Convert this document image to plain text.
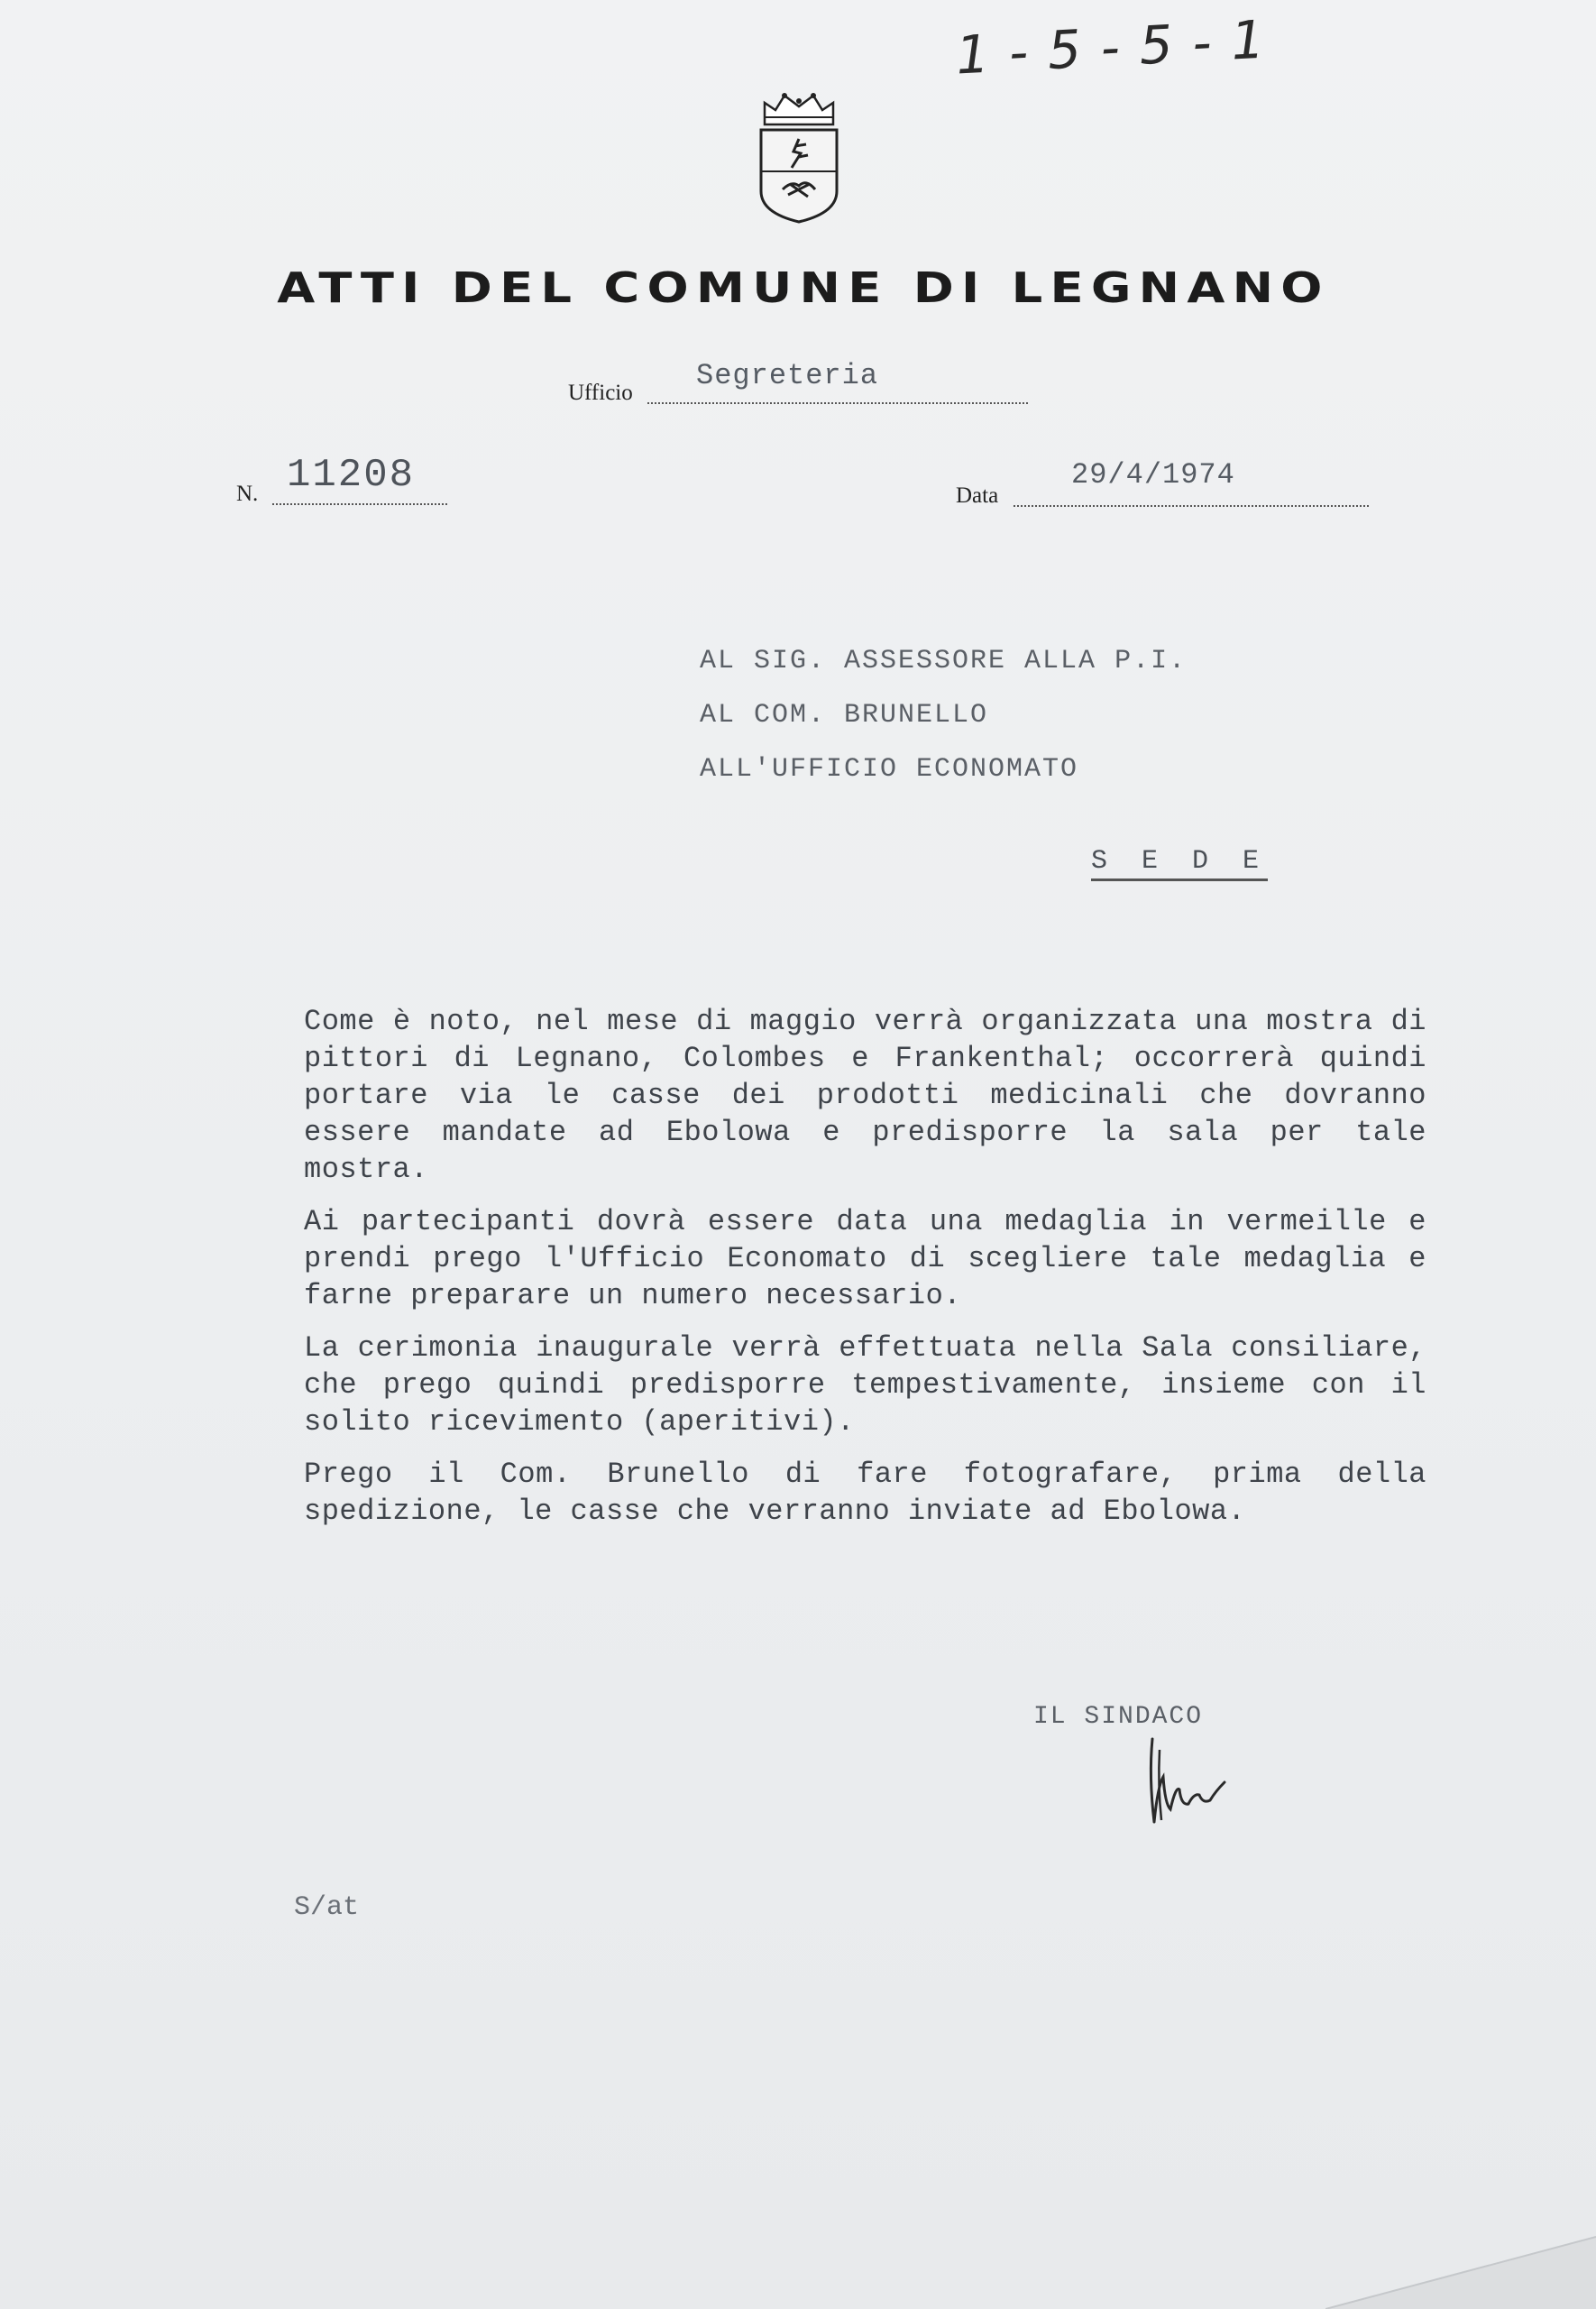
1-5-5-1
ATTI DEL COMUNE DI LEGNANO
Ufficio
Segreteria
N. 11208	Data
29/4/1974
AL SIG. ASSESSORE ALLA P.I.
AL COM. BRUNELLO
ALL'UFFICIO ECONOMATO
S E D E

Come è noto, nel mese di maggio verrà organizzata una mostra di pittori di Legnano, Colombes e Frankenthal; occorrerà quindi portare via le casse dei prodotti medicinali che dovranno essere mandate ad Ebolowa e predisporre la sala per tale mostra.

Ai partecipanti dovrà essere data una medaglia in vermeille e prendi prego l'Ufficio Economato di scegliere tale medaglia e farne preparare un numero necessario.

La cerimonia inaugurale verrà effettuata nella Sala consiliare, che prego quindi predisporre tempestivamente, insieme con il solito ricevimento (aperitivi).

Prego il Com. Brunello di fare fotografare, prima della spedizione, le casse che verranno inviate ad Ebolowa.

IL SINDACO
S/at
